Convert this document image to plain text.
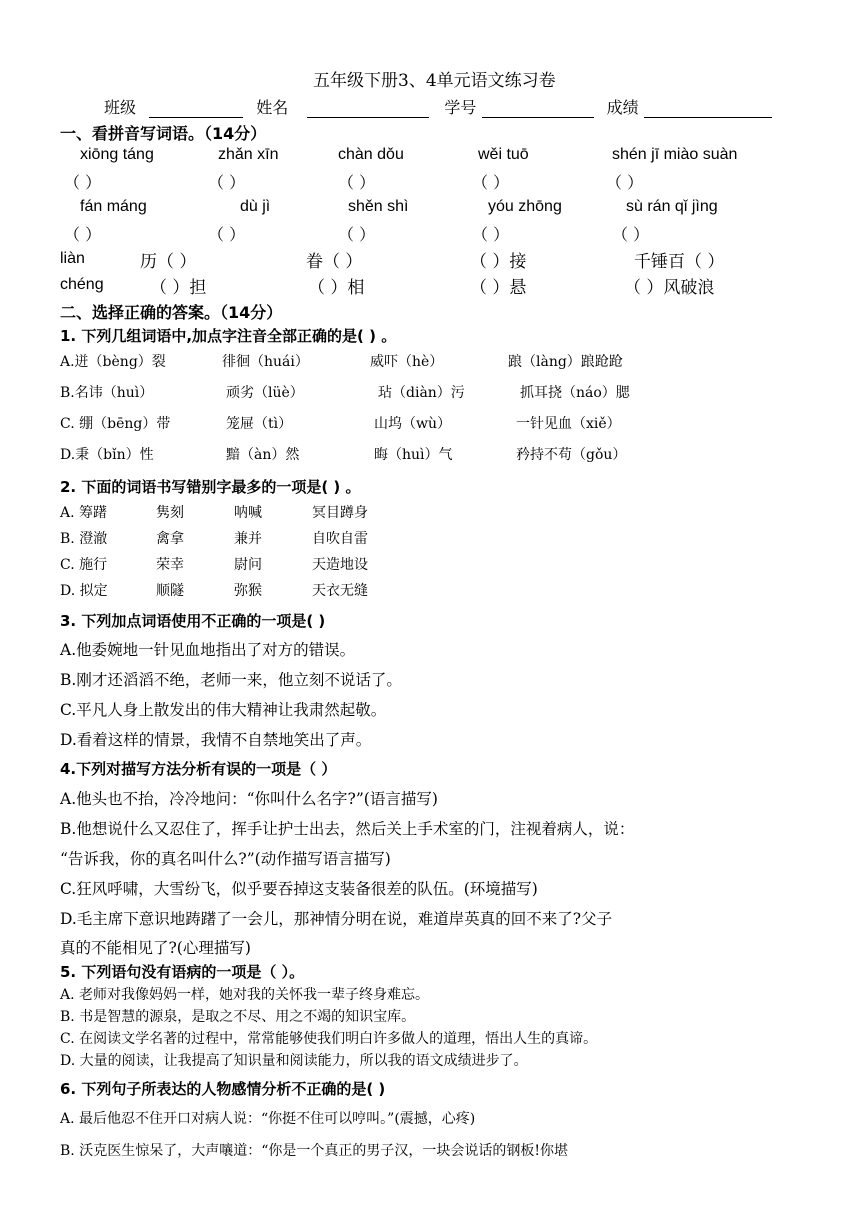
五年级下册3、4单元语文练习卷
班级	姓名	学号	成绩
一、看拼音写词语。（14分）
xiōng táng	zhǎn xīn	chàn dǒu	wěi tuō	shén jī miào suàn
（ ）	（ ）	（ ）	（ ）	（ ）
fán máng	dù jì	shěn shì	yóu zhōng	sù rán qǐ jìng
（ ）	（ ）	（ ）	（ ）	（ ）
liàn	历（ ）	眷（ ）	（ ）接	千锤百（ ）
chéng	（ ）担	（ ）相	（ ）悬	（ ）风破浪
二、选择正确的答案。（14分）
1. 下列几组词语中,加点字注音全部正确的是( ) 。
A.迸（bèng）裂	徘徊（huái）	威吓（hè）	踉（làng）踉跄跄
B.名讳（huì）	顽劣（lüè）	玷（diàn）污	抓耳挠（náo）腮
C. 绷（bēng）带	笼屉（tì）	山坞（wù）	一针见血（xiě）
D.秉（bǐn）性	黯（àn）然	晦（huì）气	矜持不苟（gǒu）
2. 下面的词语书写错别字最多的一项是( ) 。
A. 筹躇	隽刻	呐喊	冥目蹲身
B. 澄澈	禽拿	兼并	自吹自雷
C. 施行	荣幸	尉问	天造地设
D. 拟定	顺隧	弥猴	天衣无缝
3. 下列加点词语使用不正确的一项是( )
A.他委婉地一针见血地指出了对方的错误。
B.刚才还滔滔不绝，老师一来，他立刻不说话了。
C.平凡人身上散发出的伟大精神让我肃然起敬。
D.看着这样的情景，我情不自禁地笑出了声。
4.下列对描写方法分析有误的一项是（ ）
A.他头也不抬，冷冷地问：“你叫什么名字?”(语言描写)
B.他想说什么又忍住了，挥手让护士出去，然后关上手术室的门，注视着病人，说：
“告诉我，你的真名叫什么?”(动作描写语言描写)
C.狂风呼啸，大雪纷飞，似乎要吞掉这支装备很差的队伍。(环境描写)
D.毛主席下意识地踌躇了一会儿，那神情分明在说，难道岸英真的回不来了?父子
真的不能相见了?(心理描写)
5. 下列语句没有语病的一项是（ ）。
A. 老师对我像妈妈一样，她对我的关怀我一辈子终身难忘。
B. 书是智慧的源泉，是取之不尽、用之不竭的知识宝库。
C. 在阅读文学名著的过程中，常常能够使我们明白许多做人的道理，悟出人生的真谛。
D. 大量的阅读，让我提高了知识量和阅读能力，所以我的语文成绩进步了。
6. 下列句子所表达的人物感情分析不正确的是( )
A. 最后他忍不住开口对病人说：“你挺不住可以哼叫。”(震撼，心疼)
B. 沃克医生惊呆了，大声嚷道：“你是一个真正的男子汉，一块会说话的钢板!你堪
